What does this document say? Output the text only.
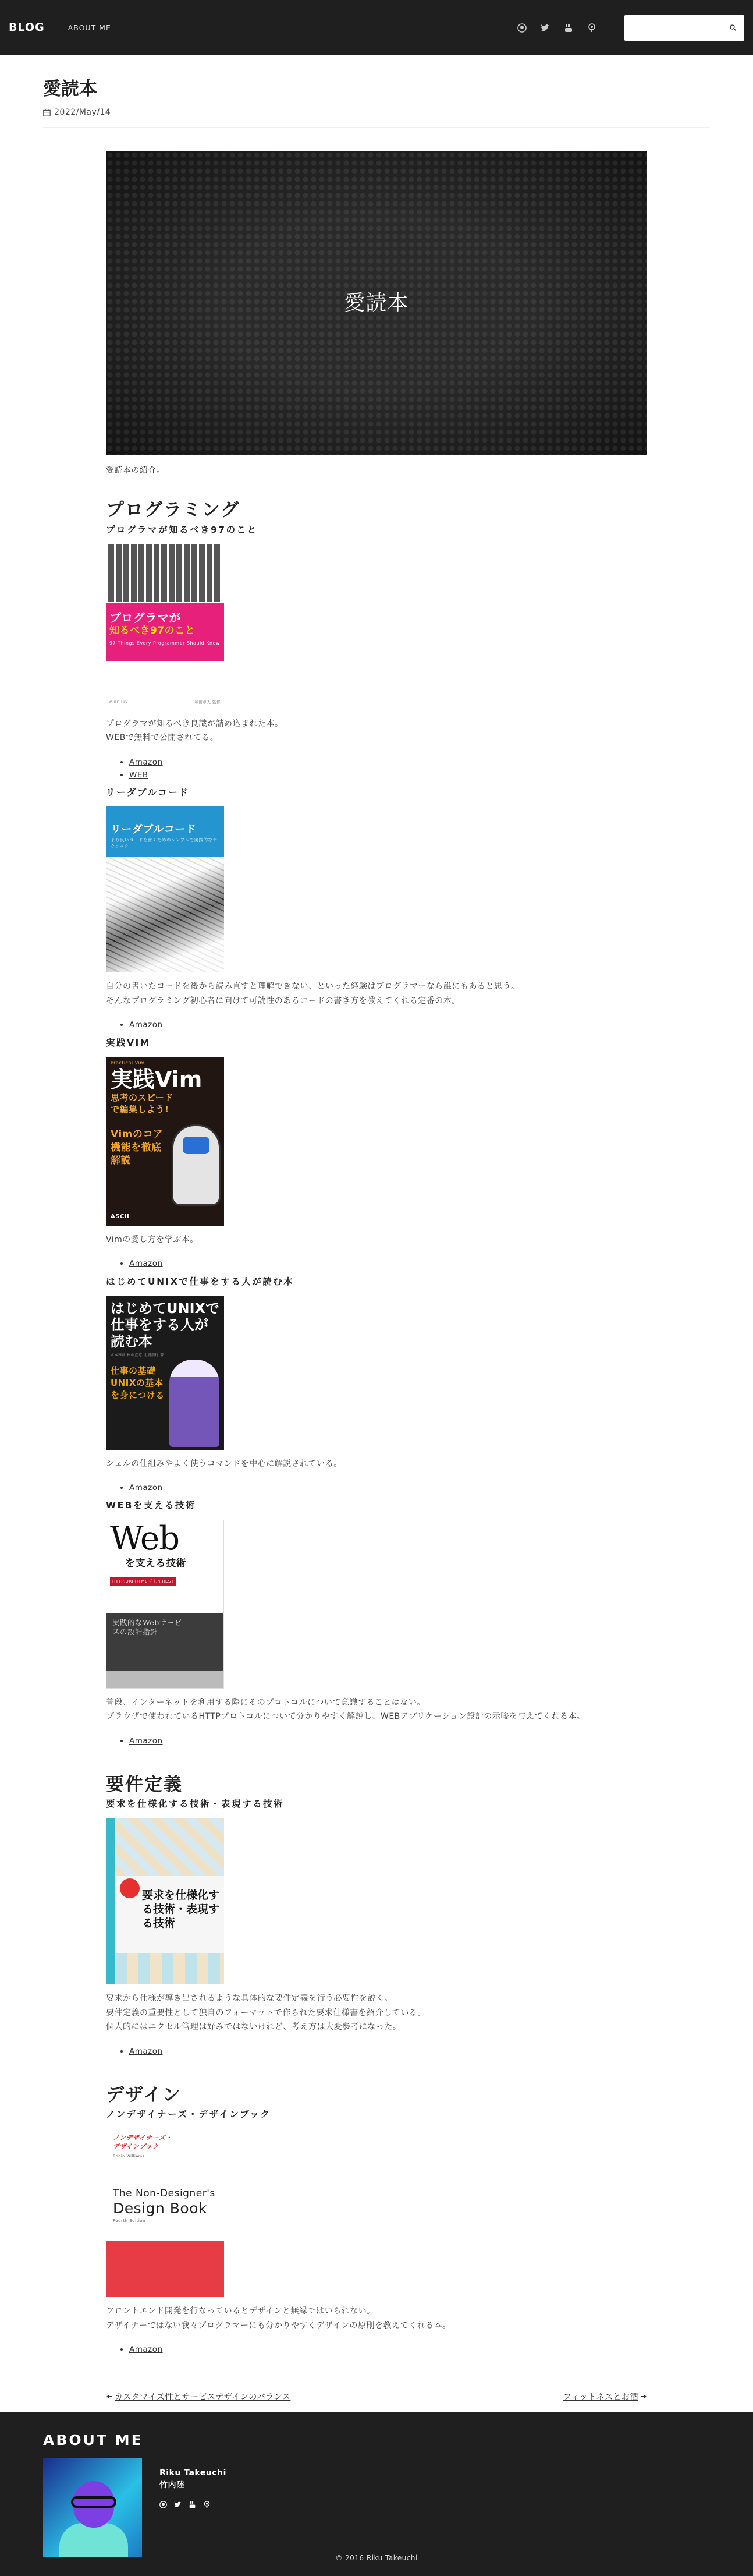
BLOG	ABOUT ME
愛読本
2022/May/14
愛読本

愛読本の紹介。

プログラミング
プログラマが知るべき97のこと
プログラマが
知るべき97のこと
97 Things Every Programmer Should Know
O'REILLY	和田卓人 監修

プログラマが知るべき良識が詰め込まれた本。
WEBで無料で公開されてる。

• Amazon
• WEB
リーダブルコード
リーダブルコード
より良いコードを書くためのシンプルで実践的なテクニック

自分の書いたコードを後から読み直すと理解できない、といった経験はプログラマーなら誰にもあると思う。
そんなプログラミング初心者に向けて可読性のあるコードの書き方を教えてくれる定番の本。

• Amazon
実践VIM
Practical Vim
実践Vim
思考のスピードで編集しよう!
Vimのコア機能を徹底解説
ASCII

Vimの愛し方を学ぶ本。

• Amazon
はじめてUNIXで仕事をする人が読む本
はじめてUNIXで仕事をする人が読む本
木本雅彦 松山直道 北浦訓行 著
仕事の基礎 UNIXの基本を身につける

シェルの仕組みやよく使うコマンドを中心に解説されている。

• Amazon
WEBを支える技術
Web
を支える技術
HTTP,URI,HTML,そしてREST
実践的なWebサービスの設計指針

普段、インターネットを利用する際にそのプロトコルについて意識することはない。
ブラウザで使われているHTTPプロトコルについて分かりやすく解説し、WEBアプリケーション設計の示唆を与えてくれる本。

• Amazon
要件定義
要求を仕様化する技術・表現する技術
要求を仕様化する技術・表現する技術

要求から仕様が導き出されるような具体的な要件定義を行う必要性を説く。
要件定義の重要性として独自のフォーマットで作られた要求仕様書を紹介している。
個人的にはエクセル管理は好みではないけれど、考え方は大変参考になった。

• Amazon
デザイン
ノンデザイナーズ・デザインブック
ノンデザイナーズ・デザインブック
Robin Williams
The Non-Designer's
Design Book
Fourth Edition

フロントエンド開発を行なっているとデザインと無縁ではいられない。
デザイナーではない我々プログラマーにも分かりやすくデザインの原則を教えてくれる本。

• Amazon
カスタマイズ性とサービスデザインのバランス	フィットネスとお酒
ABOUT ME
Riku Takeuchi
竹内陸
© 2016 Riku Takeuchi
